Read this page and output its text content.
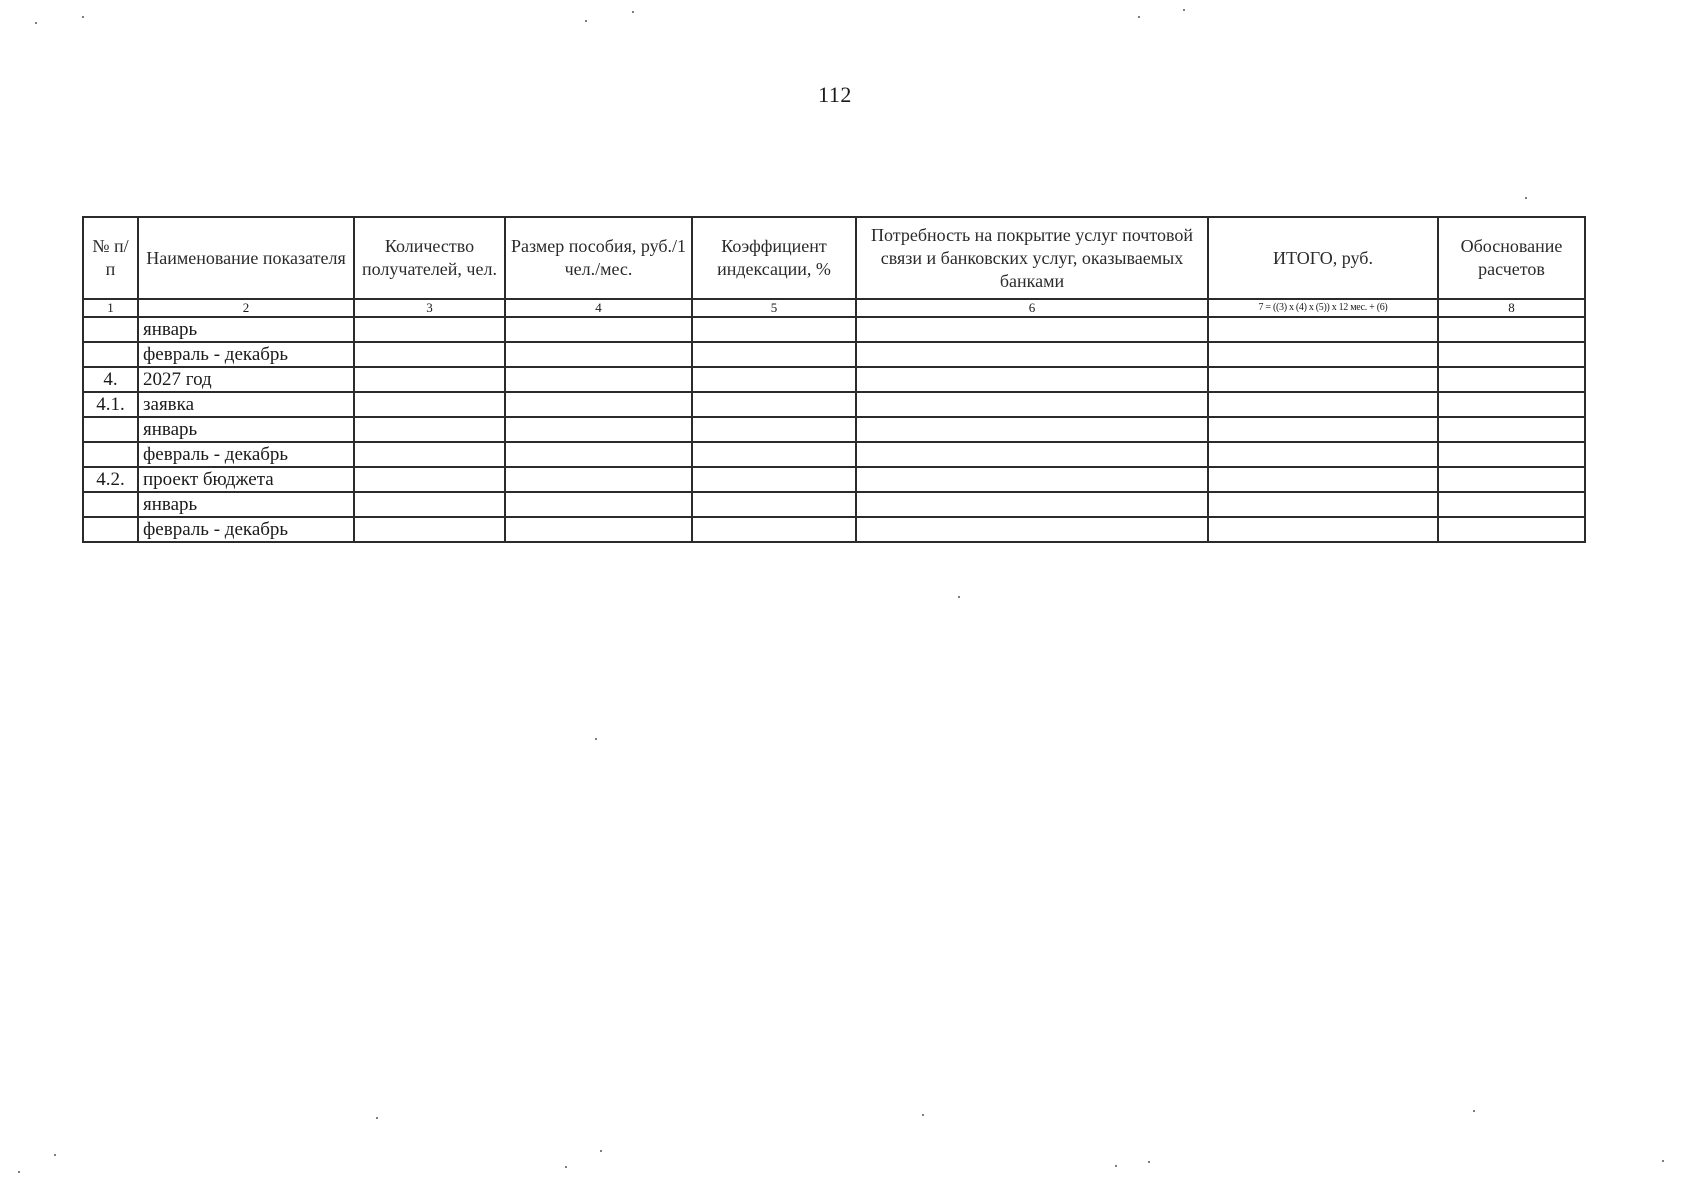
112
№ п/п	Наименование показателя	Количество получателей, чел.	Размер пособия, руб./1 чел./мес.	Коэффициент индексации, %	Потребность на покрытие услуг почтовой связи и банковских услуг, оказываемых банками	ИТОГО, руб.	Обоснование расчетов
1	2	3	4	5	6	7 = ((3) х (4) х (5)) х 12 мес. + (6)	8
	январь						
	февраль - декабрь						
4.	2027 год						
4.1.	заявка						
	январь						
	февраль - декабрь						
4.2.	проект бюджета						
	январь						
	февраль - декабрь						
